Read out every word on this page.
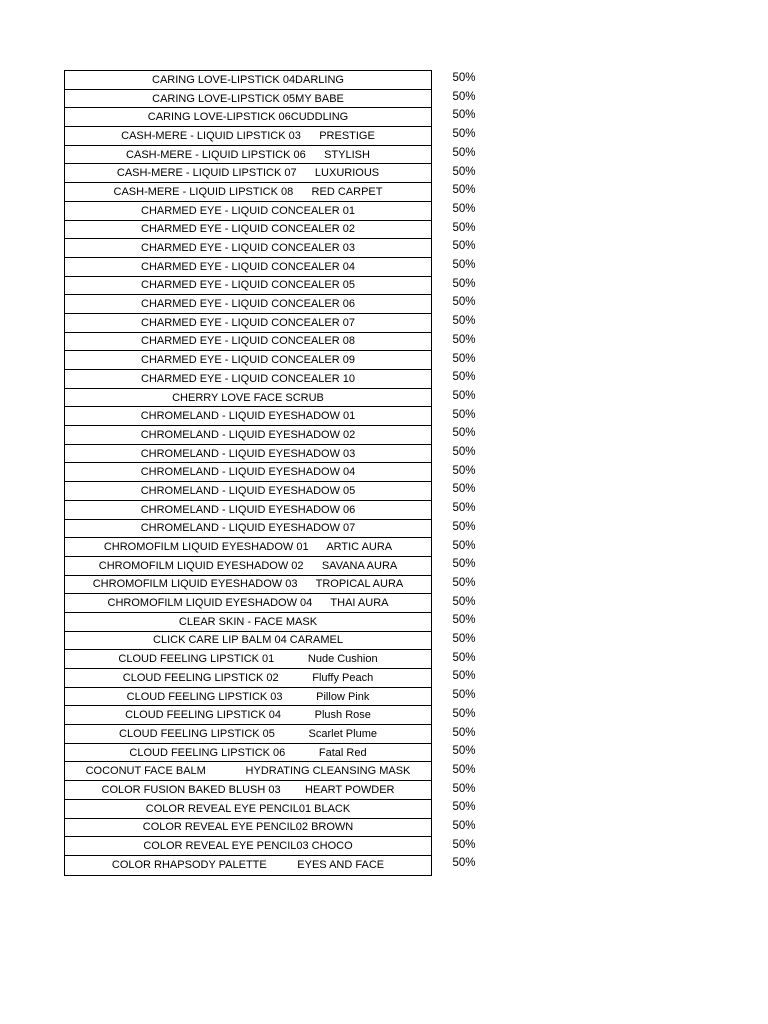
CARING LOVE-LIPSTICK 04DARLING
CARING LOVE-LIPSTICK 05MY BABE
CARING LOVE-LIPSTICK 06CUDDLING
CASH-MERE - LIQUID LIPSTICK 03      PRESTIGE
CASH-MERE - LIQUID LIPSTICK 06      STYLISH
CASH-MERE - LIQUID LIPSTICK 07      LUXURIOUS
CASH-MERE - LIQUID LIPSTICK 08      RED CARPET
CHARMED EYE - LIQUID CONCEALER 01
CHARMED EYE - LIQUID CONCEALER 02
CHARMED EYE - LIQUID CONCEALER 03
CHARMED EYE - LIQUID CONCEALER 04
CHARMED EYE - LIQUID CONCEALER 05
CHARMED EYE - LIQUID CONCEALER 06
CHARMED EYE - LIQUID CONCEALER 07
CHARMED EYE - LIQUID CONCEALER 08
CHARMED EYE - LIQUID CONCEALER 09
CHARMED EYE - LIQUID CONCEALER 10
CHERRY LOVE FACE SCRUB
CHROMELAND - LIQUID EYESHADOW 01
CHROMELAND - LIQUID EYESHADOW 02
CHROMELAND - LIQUID EYESHADOW 03
CHROMELAND - LIQUID EYESHADOW 04
CHROMELAND - LIQUID EYESHADOW 05
CHROMELAND - LIQUID EYESHADOW 06
CHROMELAND - LIQUID EYESHADOW 07
CHROMOFILM LIQUID EYESHADOW 01      ARTIC AURA
CHROMOFILM LIQUID EYESHADOW 02      SAVANA AURA
CHROMOFILM LIQUID EYESHADOW 03      TROPICAL AURA
CHROMOFILM LIQUID EYESHADOW 04      THAI AURA
CLEAR SKIN - FACE MASK
CLICK CARE LIP BALM 04 CARAMEL
CLOUD FEELING LIPSTICK 01           Nude Cushion
CLOUD FEELING LIPSTICK 02           Fluffy Peach
CLOUD FEELING LIPSTICK 03           Pillow Pink
CLOUD FEELING LIPSTICK 04           Plush Rose
CLOUD FEELING LIPSTICK 05           Scarlet Plume
CLOUD FEELING LIPSTICK 06           Fatal Red
COCONUT FACE BALM             HYDRATING CLEANSING MASK
COLOR FUSION BAKED BLUSH 03        HEART POWDER
COLOR REVEAL EYE PENCIL01 BLACK
COLOR REVEAL EYE PENCIL02 BROWN
COLOR REVEAL EYE PENCIL03 CHOCO
COLOR RHAPSODY PALETTE          EYES AND FACE
50%
50%
50%
50%
50%
50%
50%
50%
50%
50%
50%
50%
50%
50%
50%
50%
50%
50%
50%
50%
50%
50%
50%
50%
50%
50%
50%
50%
50%
50%
50%
50%
50%
50%
50%
50%
50%
50%
50%
50%
50%
50%
50%
